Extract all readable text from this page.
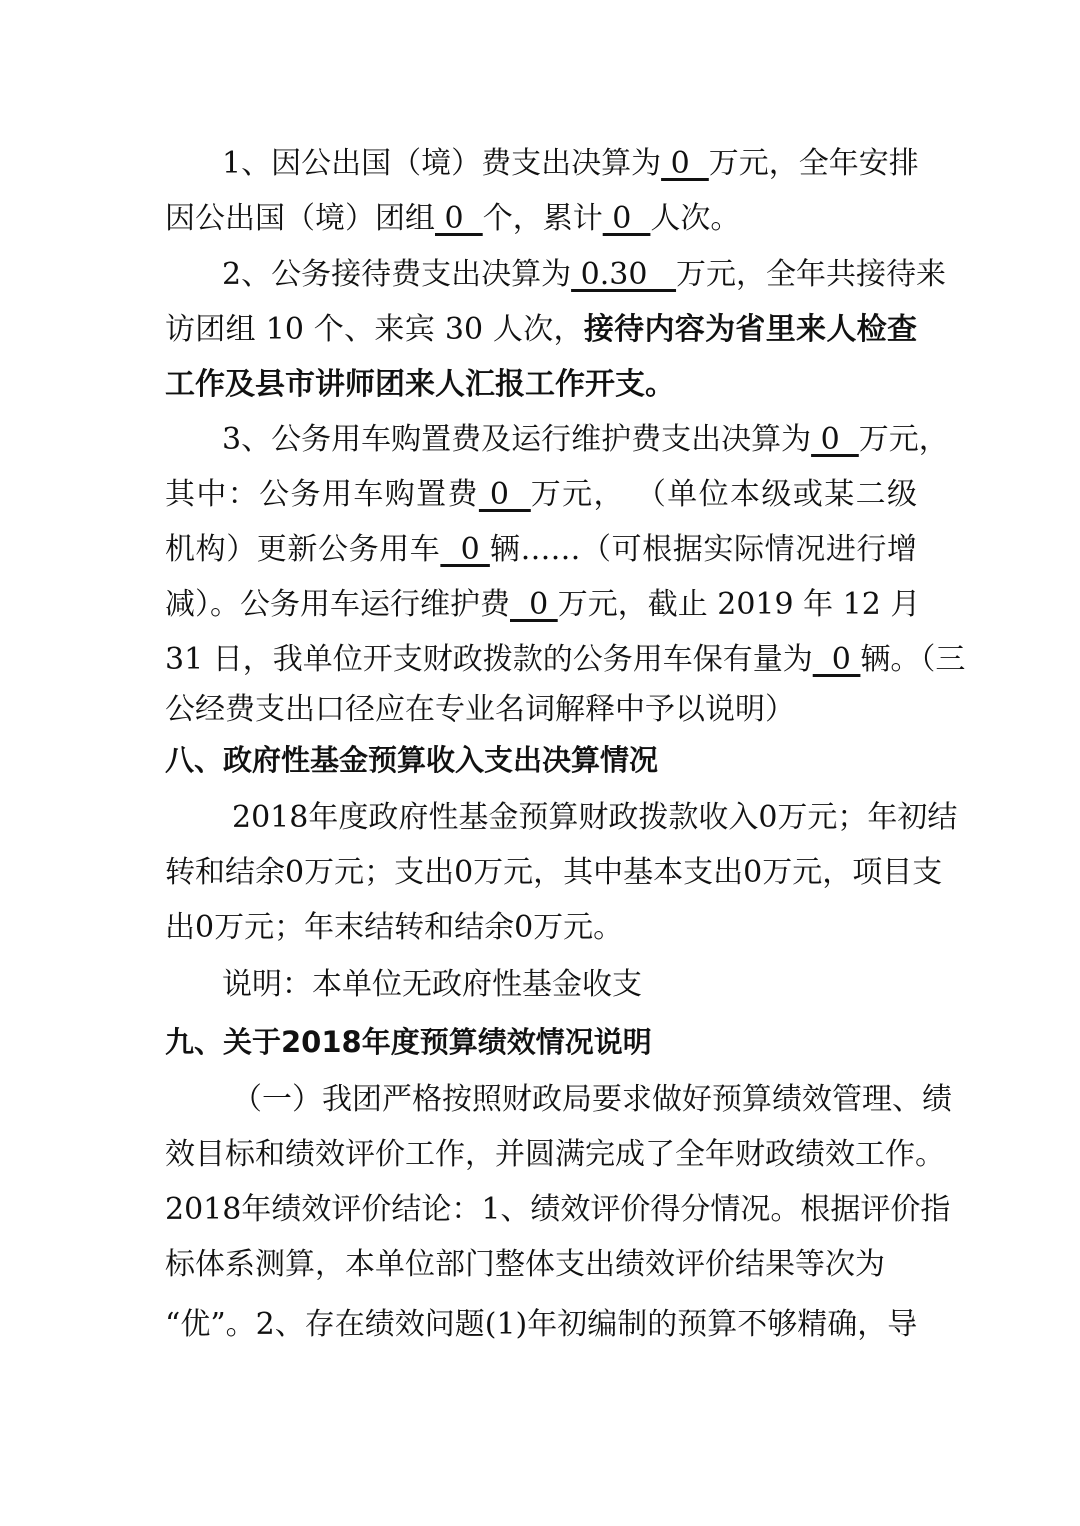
1、因公出国（境）费支出决算为 0  万元，全年安排

因公出国（境）团组 0  个，累计 0  人次。

2、公务接待费支出决算为 0.30   万元，全年共接待来

访团组 10 个、来宾 30 人次，接待内容为省里来人检查

工作及县市讲师团来人汇报工作开支。

3、公务用车购置费及运行维护费支出决算为 0  万元，

其中：公务用车购置费 0  万元， （单位本级或某二级

机构）更新公务用车  0 辆……（可根据实际情况进行增

减）。公务用车运行维护费  0 万元，截止 2019 年 12 月

31 日，我单位开支财政拨款的公务用车保有量为  0 辆。（三

公经费支出口径应在专业名词解释中予以说明）

八、政府性基金预算收入支出决算情况

2018年度政府性基金预算财政拨款收入0万元；年初结

转和结余0万元；支出0万元，其中基本支出0万元，项目支

出0万元；年末结转和结余0万元。

说明：本单位无政府性基金收支

九、关于2018年度预算绩效情况说明

（一）我团严格按照财政局要求做好预算绩效管理、绩

效目标和绩效评价工作，并圆满完成了全年财政绩效工作。

2018年绩效评价结论：1、绩效评价得分情况。根据评价指

标体系测算，本单位部门整体支出绩效评价结果等次为

“优”。2、存在绩效问题(1)年初编制的预算不够精确，导
